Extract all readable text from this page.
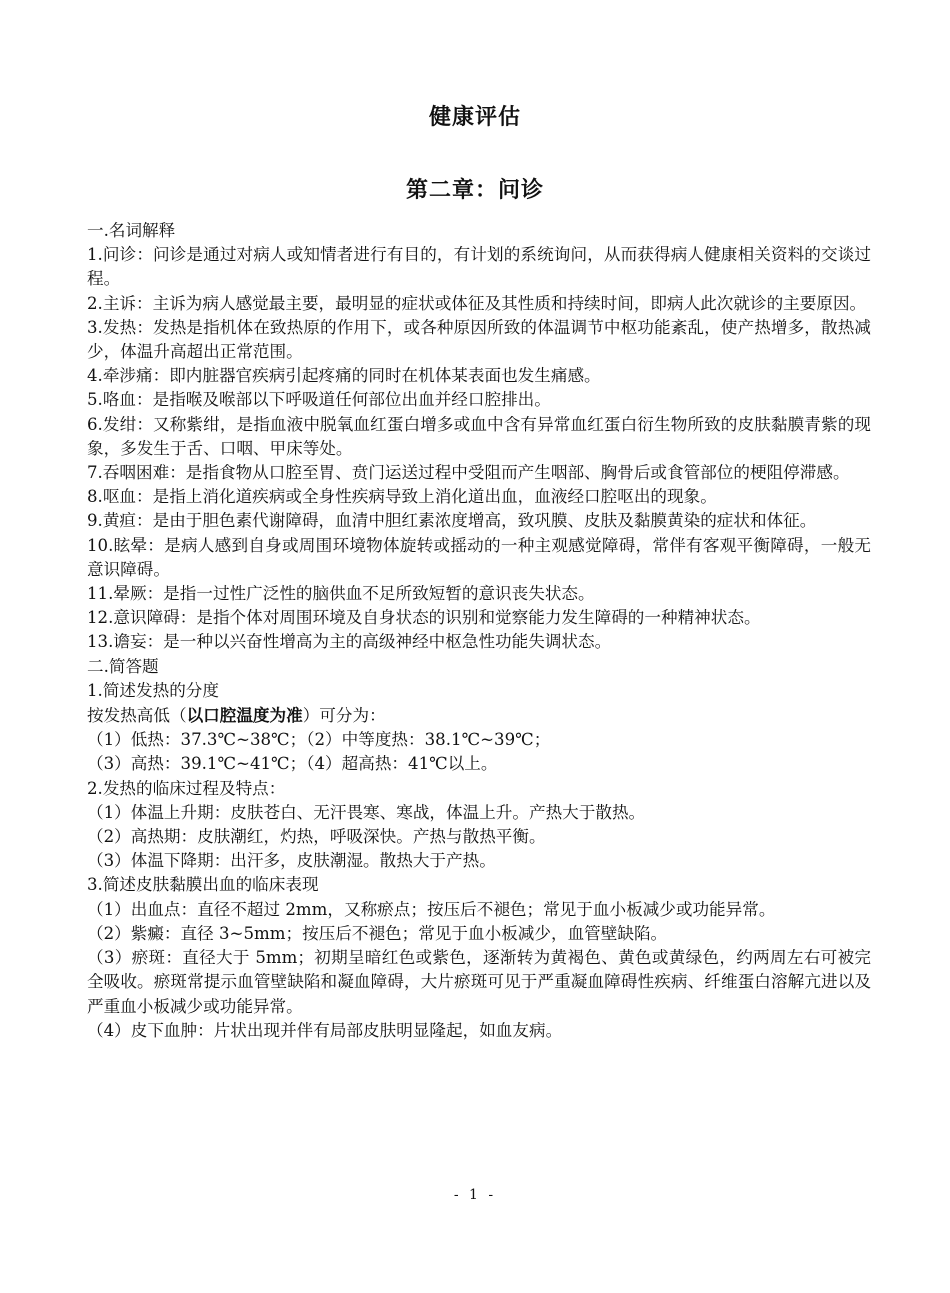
健康评估
第二章：问诊

一.名词解释

1.问诊：问诊是通过对病人或知情者进行有目的，有计划的系统询问，从而获得病人健康相关资料的交谈过程。

2.主诉：主诉为病人感觉最主要，最明显的症状或体征及其性质和持续时间，即病人此次就诊的主要原因。

3.发热：发热是指机体在致热原的作用下，或各种原因所致的体温调节中枢功能紊乱，使产热增多，散热减少，体温升高超出正常范围。

4.牵涉痛：即内脏器官疾病引起疼痛的同时在机体某表面也发生痛感。

5.咯血：是指喉及喉部以下呼吸道任何部位出血并经口腔排出。

6.发绀：又称紫绀，是指血液中脱氧血红蛋白增多或血中含有异常血红蛋白衍生物所致的皮肤黏膜青紫的现象，多发生于舌、口咽、甲床等处。

7.吞咽困难：是指食物从口腔至胃、贲门运送过程中受阻而产生咽部、胸骨后或食管部位的梗阻停滞感。

8.呕血：是指上消化道疾病或全身性疾病导致上消化道出血，血液经口腔呕出的现象。

9.黄疸：是由于胆色素代谢障碍，血清中胆红素浓度增高，致巩膜、皮肤及黏膜黄染的症状和体征。

10.眩晕：是病人感到自身或周围环境物体旋转或摇动的一种主观感觉障碍，常伴有客观平衡障碍，一般无意识障碍。

11.晕厥：是指一过性广泛性的脑供血不足所致短暂的意识丧失状态。

12.意识障碍：是指个体对周围环境及自身状态的识别和觉察能力发生障碍的一种精神状态。

13.谵妄：是一种以兴奋性增高为主的高级神经中枢急性功能失调状态。

二.简答题

1.简述发热的分度

按发热高低（以口腔温度为准）可分为：

（1）低热：37.3℃~38℃；（2）中等度热：38.1℃~39℃；

（3）高热：39.1℃~41℃；（4）超高热：41℃以上。

2.发热的临床过程及特点：

（1）体温上升期：皮肤苍白、无汗畏寒、寒战，体温上升。产热大于散热。

（2）高热期：皮肤潮红，灼热，呼吸深快。产热与散热平衡。

（3）体温下降期：出汗多，皮肤潮湿。散热大于产热。

3.简述皮肤黏膜出血的临床表现

（1）出血点：直径不超过 2mm，又称瘀点；按压后不褪色；常见于血小板减少或功能异常。

（2）紫癜：直径 3~5mm；按压后不褪色；常见于血小板减少，血管壁缺陷。

（3）瘀斑：直径大于 5mm；初期呈暗红色或紫色，逐渐转为黄褐色、黄色或黄绿色，约两周左右可被完全吸收。瘀斑常提示血管壁缺陷和凝血障碍，大片瘀斑可见于严重凝血障碍性疾病、纤维蛋白溶解亢进以及严重血小板减少或功能异常。

（4）皮下血肿：片状出现并伴有局部皮肤明显隆起，如血友病。

- 1 -
